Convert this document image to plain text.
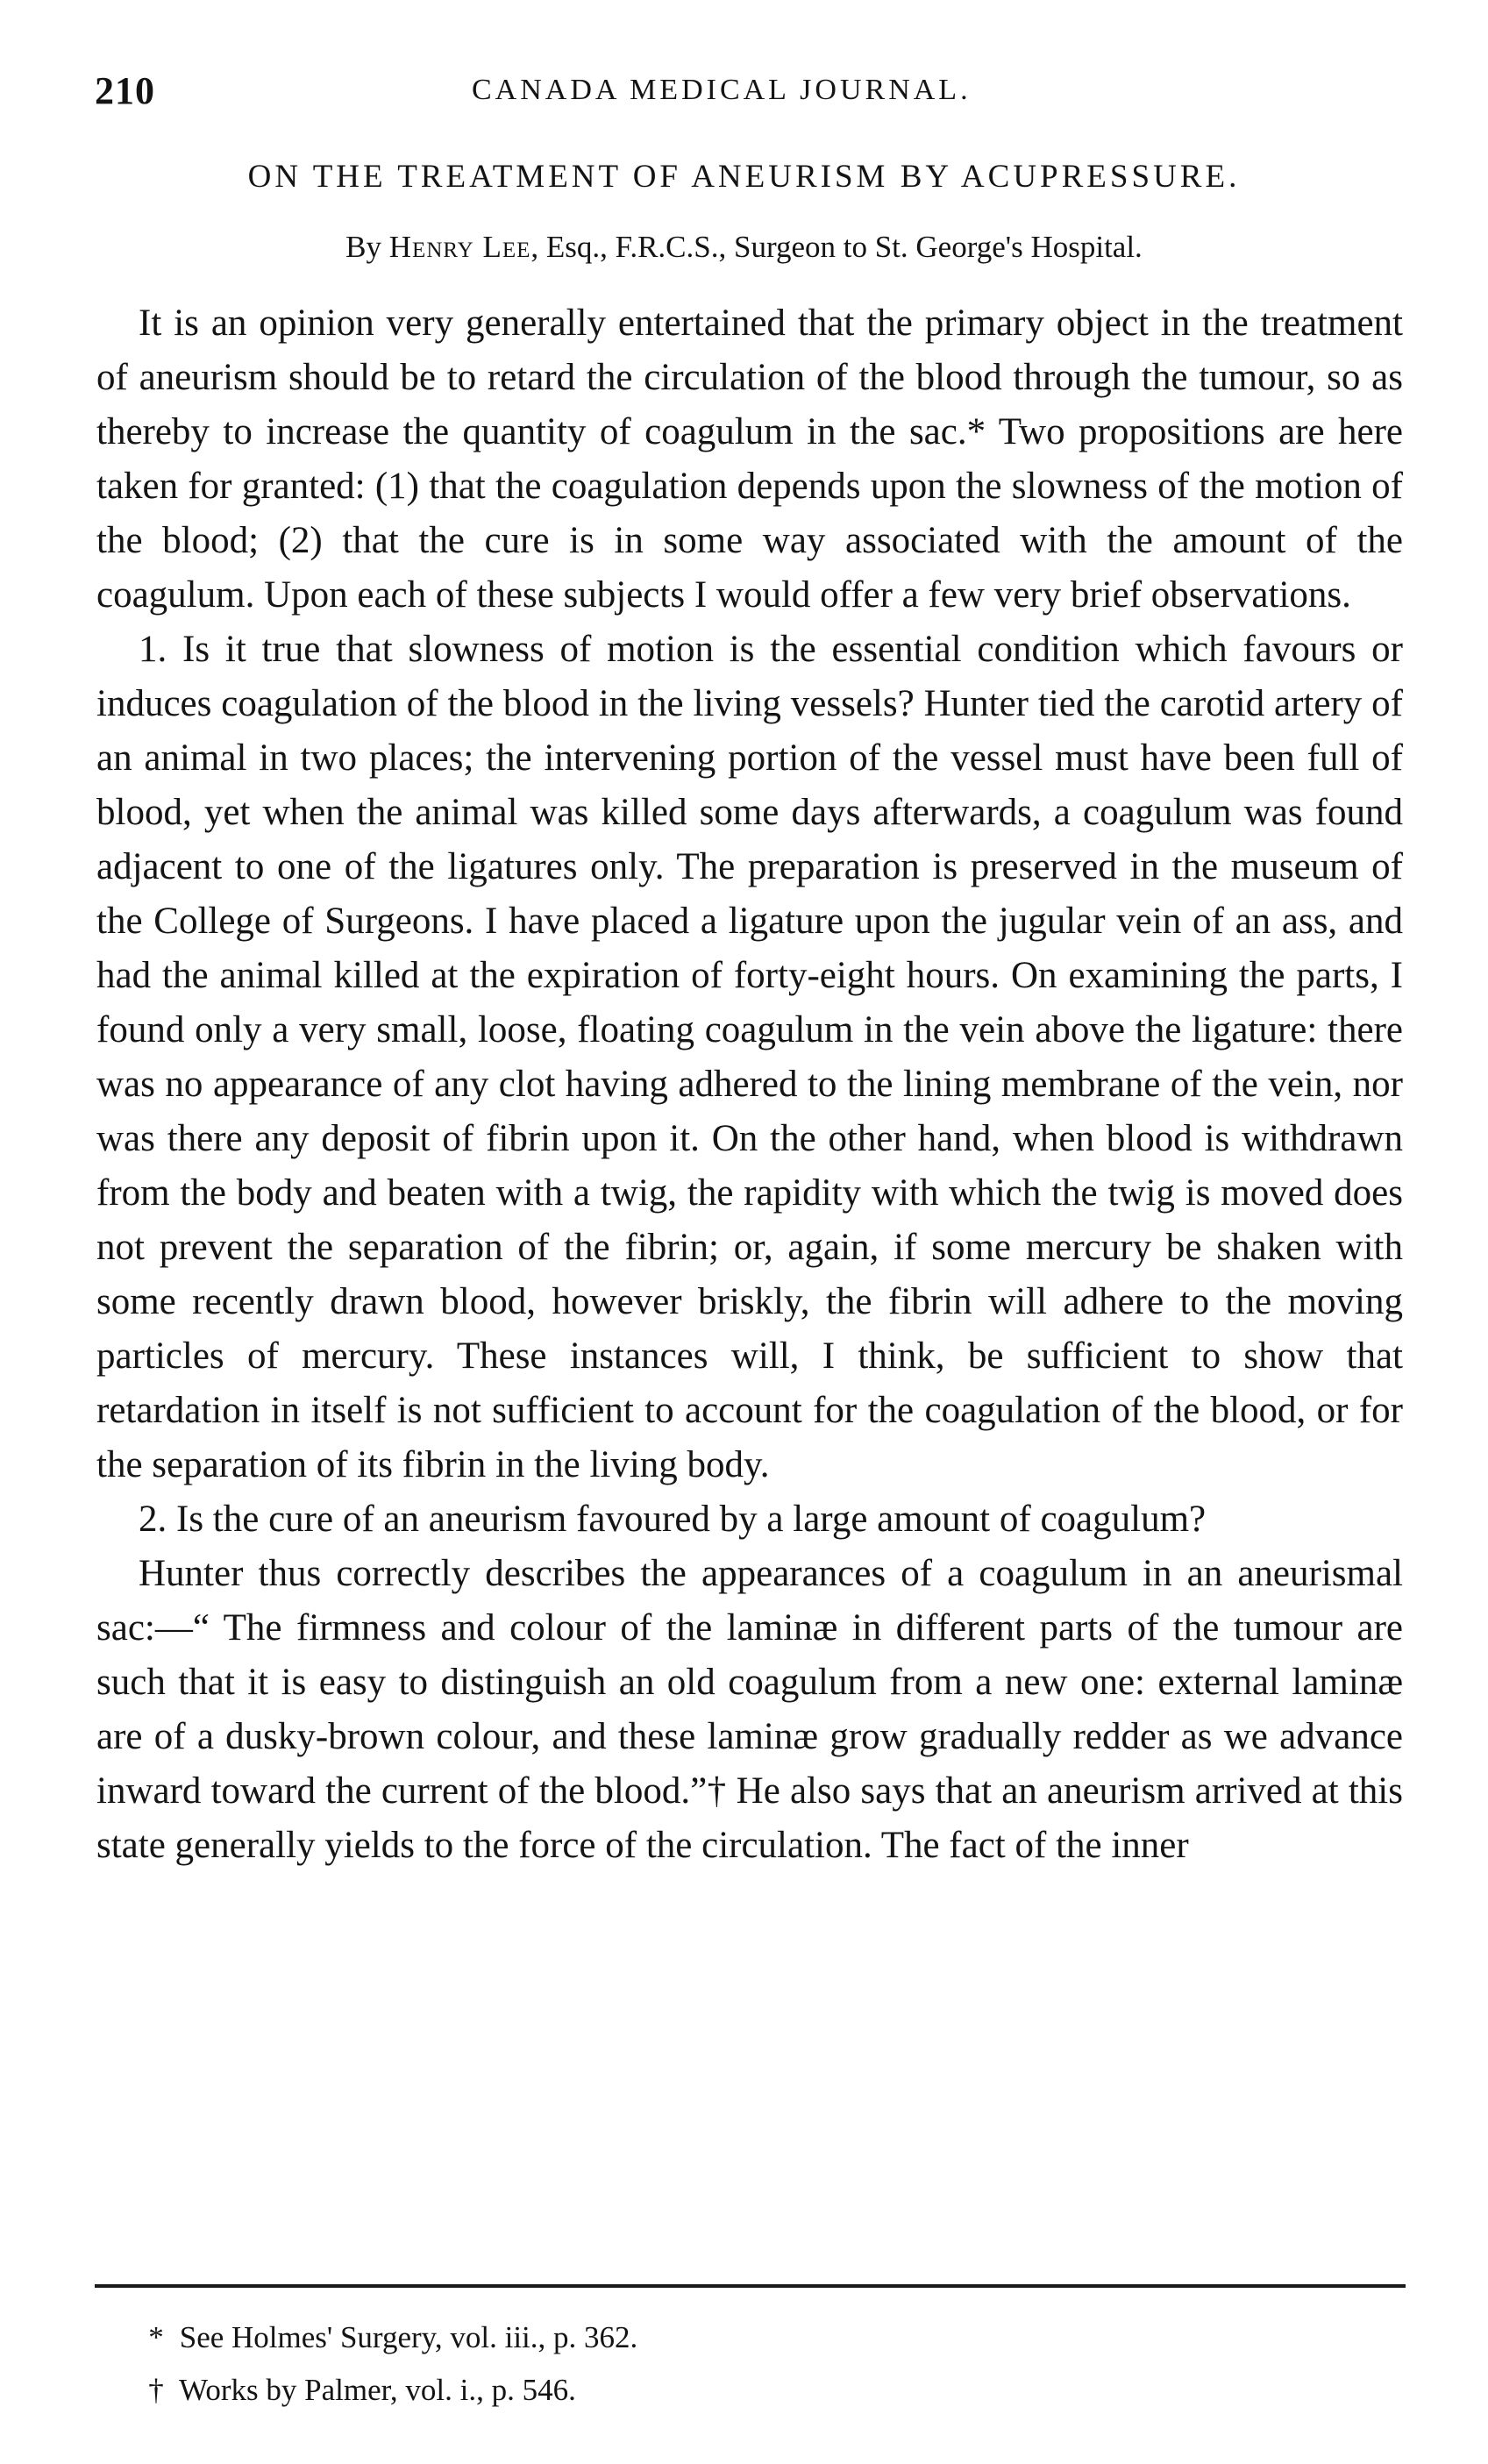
210	CANADA MEDICAL JOURNAL.
ON THE TREATMENT OF ANEURISM BY ACUPRESSURE.
By Henry Lee, Esq., F.R.C.S., Surgeon to St. George's Hospital.

It is an opinion very generally entertained that the primary object in the treatment of aneurism should be to retard the circulation of the blood through the tumour, so as thereby to increase the quantity of coagulum in the sac.* Two propositions are here taken for granted: (1) that the coagulation depends upon the slowness of the motion of the blood; (2) that the cure is in some way associated with the amount of the coagulum. Upon each of these subjects I would offer a few very brief observations.

1. Is it true that slowness of motion is the essential condition which favours or induces coagulation of the blood in the living vessels? Hunter tied the carotid artery of an animal in two places; the intervening portion of the vessel must have been full of blood, yet when the animal was killed some days afterwards, a coagulum was found adjacent to one of the ligatures only. The preparation is preserved in the museum of the College of Surgeons. I have placed a ligature upon the jugular vein of an ass, and had the animal killed at the expiration of forty-eight hours. On examining the parts, I found only a very small, loose, floating coagulum in the vein above the ligature: there was no appearance of any clot having adhered to the lining membrane of the vein, nor was there any deposit of fibrin upon it. On the other hand, when blood is withdrawn from the body and beaten with a twig, the rapidity with which the twig is moved does not prevent the separation of the fibrin; or, again, if some mercury be shaken with some recently drawn blood, however briskly, the fibrin will adhere to the moving particles of mercury. These instances will, I think, be sufficient to show that retardation in itself is not sufficient to account for the coagulation of the blood, or for the separation of its fibrin in the living body.

2. Is the cure of an aneurism favoured by a large amount of coagulum?

Hunter thus correctly describes the appearances of a coagulum in an aneurismal sac:—“ The firmness and colour of the laminæ in different parts of the tumour are such that it is easy to distinguish an old coagulum from a new one: external laminæ are of a dusky-brown colour, and these laminæ grow gradually redder as we advance inward toward the current of the blood.”† He also says that an aneurism arrived at this state generally yields to the force of the circulation. The fact of the inner

* See Holmes' Surgery, vol. iii., p. 362.
† Works by Palmer, vol. i., p. 546.
